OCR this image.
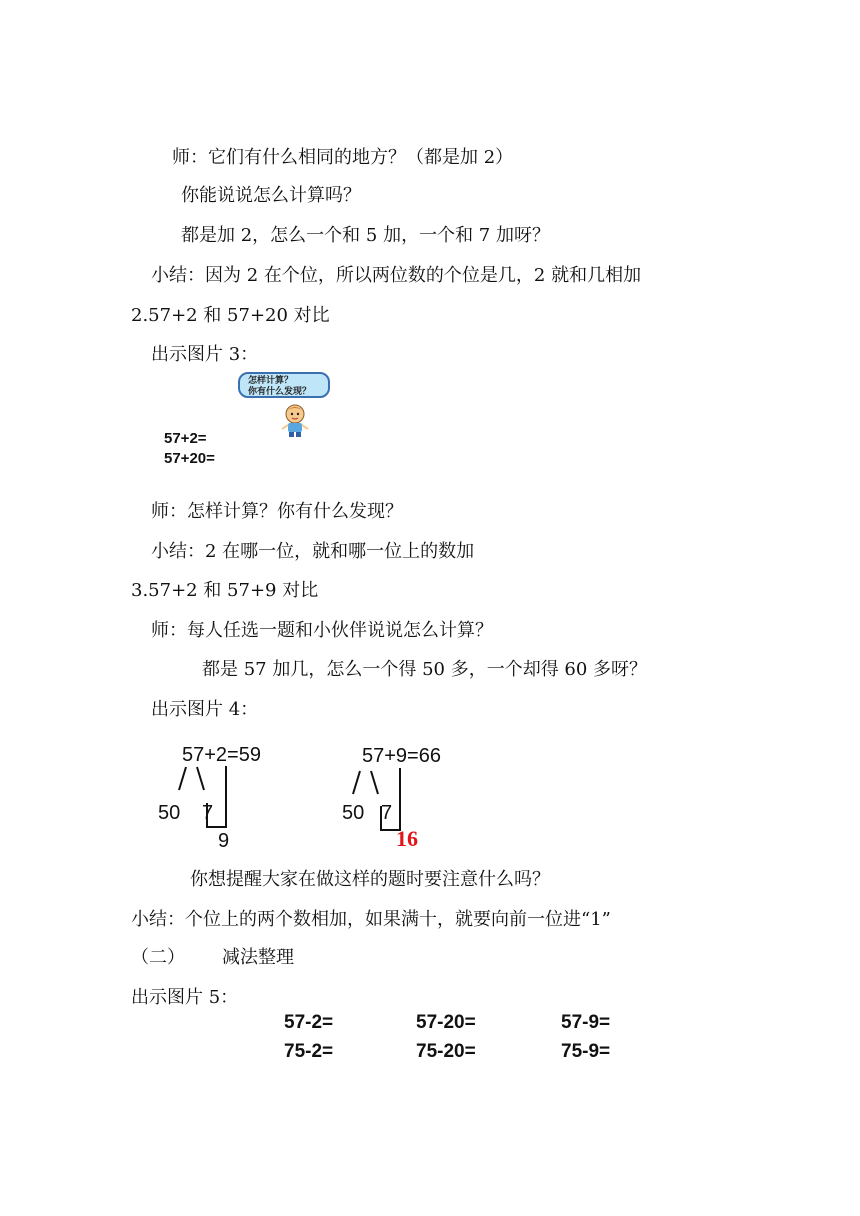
师：它们有什么相同的地方？（都是加 2）
你能说说怎么计算吗？
都是加 2，怎么一个和 5 加，一个和 7 加呀？
小结：因为 2 在个位，所以两位数的个位是几，2 就和几相加
2.57+2 和 57+20 对比
出示图片 3：
怎样计算？
你有什么发现？
57+2=
57+20=
师：怎样计算？你有什么发现？
小结：2 在哪一位，就和哪一位上的数加
3.57+2 和 57+9 对比
师：每人任选一题和小伙伴说说怎么计算？
都是 57 加几，怎么一个得 50 多，一个却得 60 多呀？
出示图片 4：
57+2=59
50 7
9
57+9=66
50 7
16
你想提醒大家在做这样的题时要注意什么吗？
小结：个位上的两个数相加，如果满十，就要向前一位进“1”
（二） 减法整理
出示图片 5：
57-2=	57-20=	57-9=
75-2=	75-20=	75-9=
